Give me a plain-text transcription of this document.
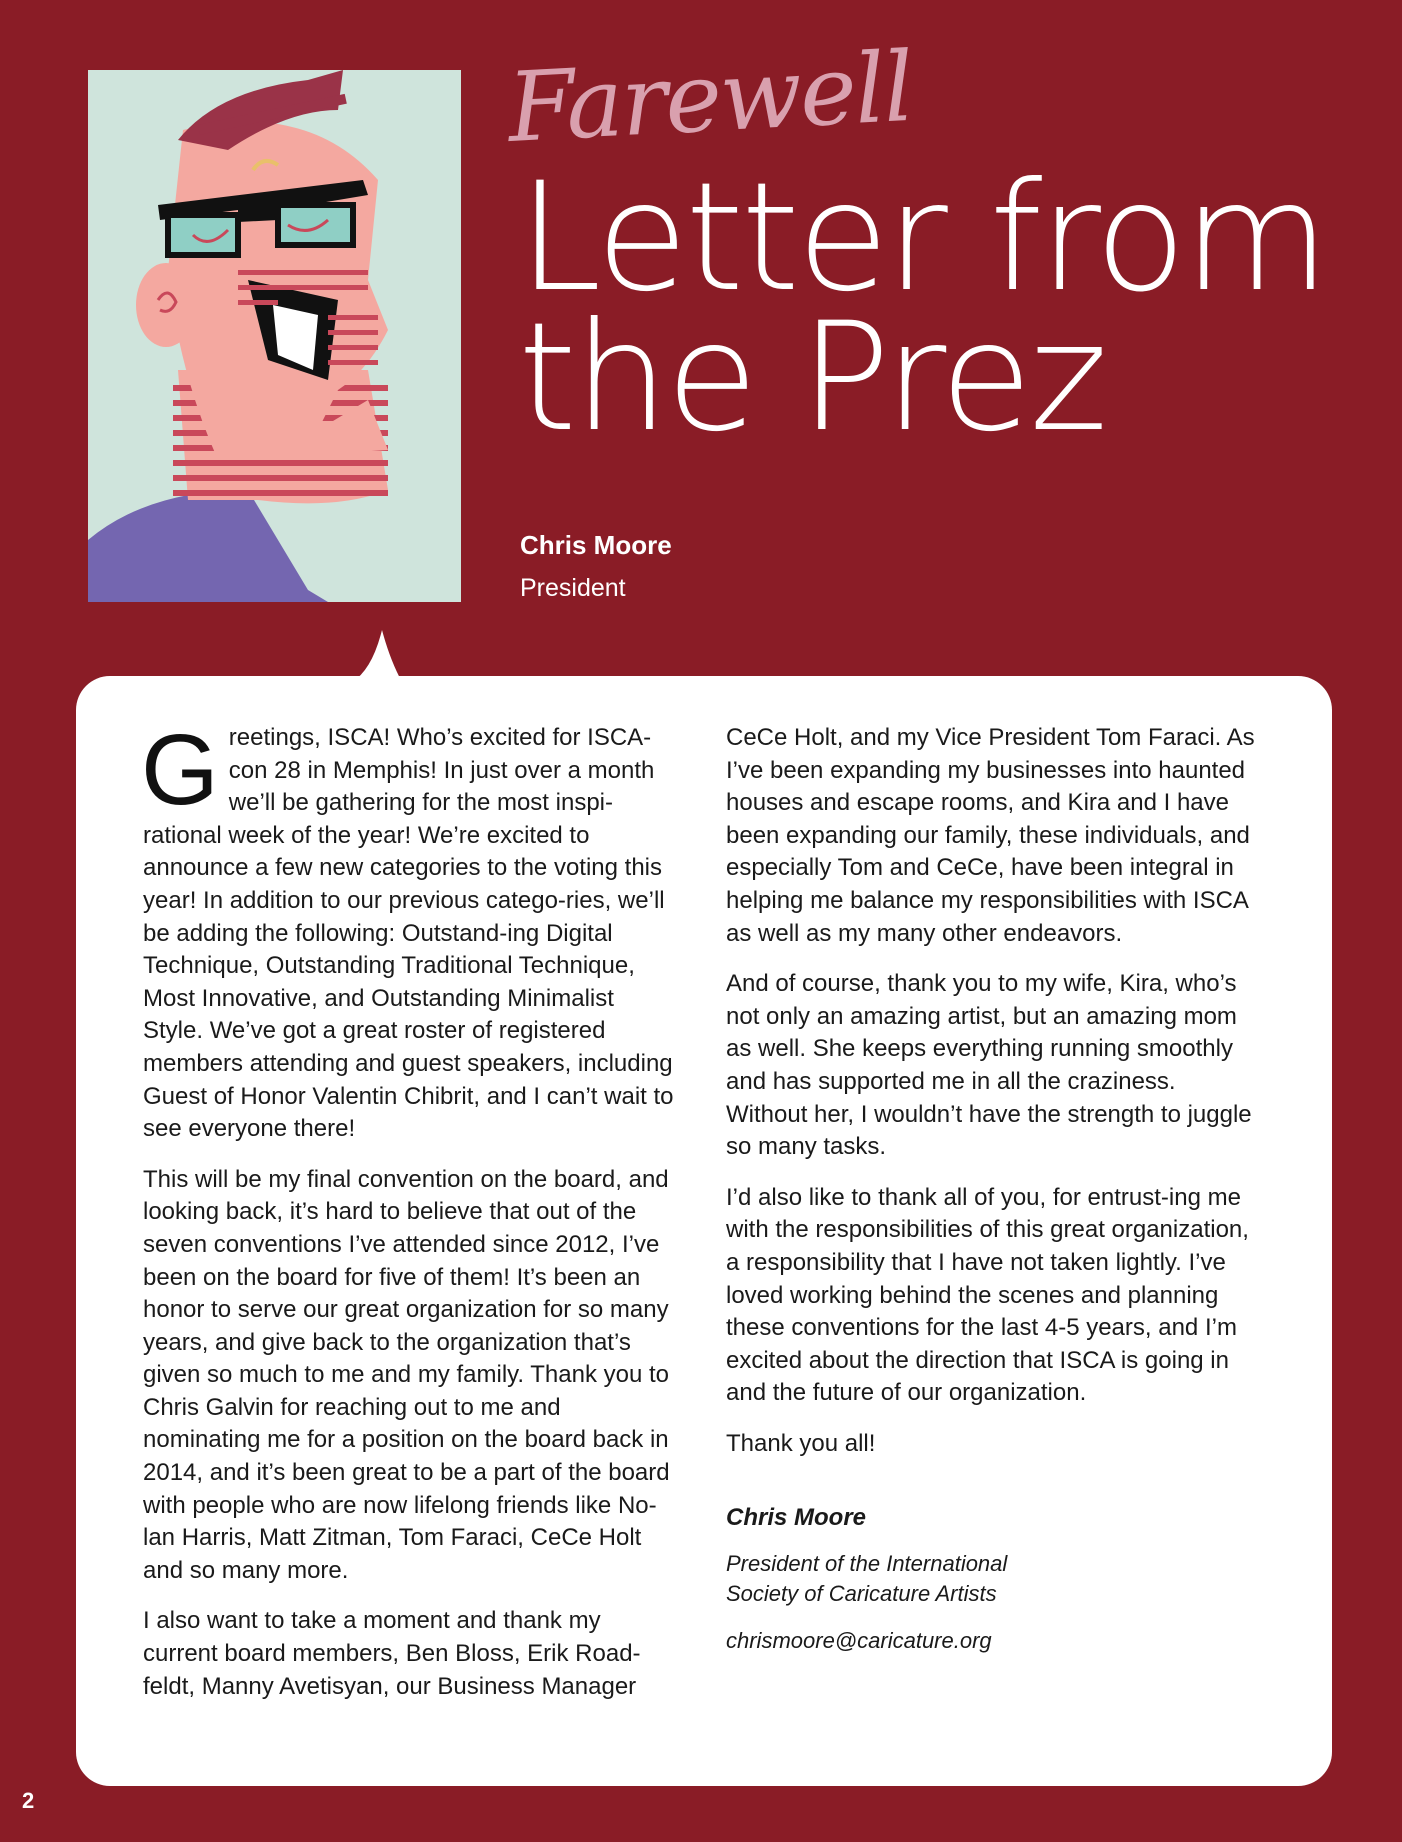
Farewell
Letter from
the Prez
Chris Moore
President

Greetings, ISCA! Who’s excited for ISCA-con 28 in Memphis! In just over a month we’ll be gathering for the most inspi-rational week of the year! We’re excited to announce a few new categories to the voting this year! In addition to our previous catego-ries, we’ll be adding the following: Outstand-ing Digital Technique, Outstanding Traditional Technique, Most Innovative, and Outstanding Minimalist Style. We’ve got a great roster of registered members attending and guest speakers, including Guest of Honor Valentin Chibrit, and I can’t wait to see everyone there!

This will be my final convention on the board, and looking back, it’s hard to believe that out of the seven conventions I’ve attended since 2012, I’ve been on the board for five of them! It’s been an honor to serve our great organization for so many years, and give back to the organization that’s given so much to me and my family. Thank you to Chris Galvin for reaching out to me and nominating me for a position on the board back in 2014, and it’s been great to be a part of the board with people who are now lifelong friends like No-lan Harris, Matt Zitman, Tom Faraci, CeCe Holt and so many more.

I also want to take a moment and thank my current board members, Ben Bloss, Erik Road-feldt, Manny Avetisyan, our Business Manager

CeCe Holt, and my Vice President Tom Faraci. As I’ve been expanding my businesses into haunted houses and escape rooms, and Kira and I have been expanding our family, these individuals, and especially Tom and CeCe, have been integral in helping me balance my responsibilities with ISCA as well as my many other endeavors.

And of course, thank you to my wife, Kira, who’s not only an amazing artist, but an amazing mom as well. She keeps everything running smoothly and has supported me in all the craziness. Without her, I wouldn’t have the strength to juggle so many tasks.

I’d also like to thank all of you, for entrust-ing me with the responsibilities of this great organization, a responsibility that I have not taken lightly. I’ve loved working behind the scenes and planning these conventions for the last 4-5 years, and I’m excited about the direction that ISCA is going in and the future of our organization.

Thank you all!

Chris Moore

President of the International
Society of Caricature Artists

chrismoore@caricature.org

2
